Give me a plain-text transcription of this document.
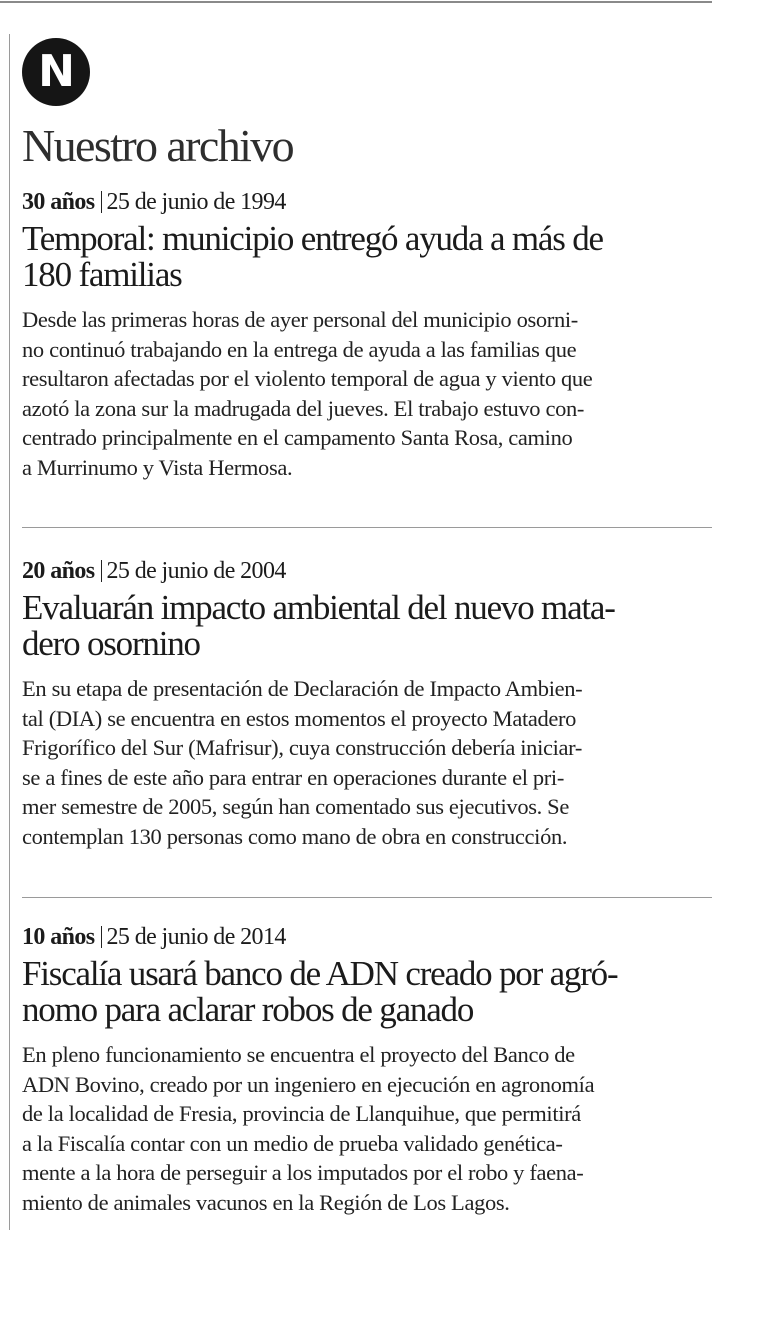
N
Nuestro archivo
30 años 25 de junio de 1994
Temporal: municipio entregó ayuda a más de
180 familias

Desde las primeras horas de ayer personal del municipio osorni-
no continuó trabajando en la entrega de ayuda a las familias que
resultaron afectadas por el violento temporal de agua y viento que
azotó la zona sur la madrugada del jueves. El trabajo estuvo con-
centrado principalmente en el campamento Santa Rosa, camino
a Murrinumo y Vista Hermosa.

20 años 25 de junio de 2004
Evaluarán impacto ambiental del nuevo mata-
dero osornino

En su etapa de presentación de Declaración de Impacto Ambien-
tal (DIA) se encuentra en estos momentos el proyecto Matadero
Frigorífico del Sur (Mafrisur), cuya construcción debería iniciar-
se a fines de este año para entrar en operaciones durante el pri-
mer semestre de 2005, según han comentado sus ejecutivos. Se
contemplan 130 personas como mano de obra en construcción.

10 años 25 de junio de 2014
Fiscalía usará banco de ADN creado por agró-
nomo para aclarar robos de ganado

En pleno funcionamiento se encuentra el proyecto del Banco de
ADN Bovino, creado por un ingeniero en ejecución en agronomía
de la localidad de Fresia, provincia de Llanquihue, que permitirá
a la Fiscalía contar con un medio de prueba validado genética-
mente a la hora de perseguir a los imputados por el robo y faena-
miento de animales vacunos en la Región de Los Lagos.
